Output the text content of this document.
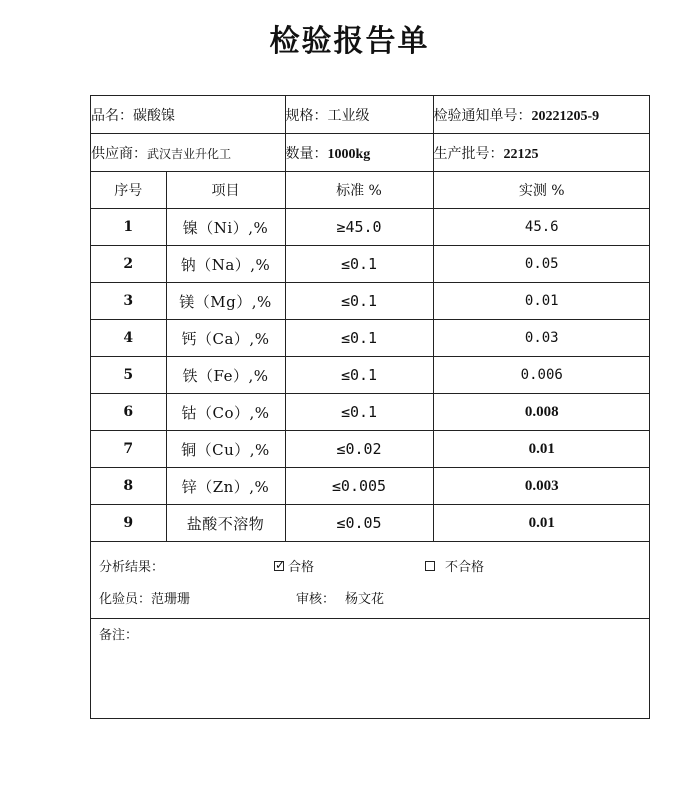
检验报告单
品名：碳酸镍		规格：工业级	检验通知单号：20221205-9
供应商：武汉吉业升化工		数量：1000kg	生产批号：22125
序号	项目	标准 %	实测 %
1	镍（Ni）,%	≥45.0	45.6
2	钠（Na）,%	≤0.1	0.05
3	镁（Mg）,%	≤0.1	0.01
4	钙（Ca）,%	≤0.1	0.03
5	铁（Fe）,%	≤0.1	0.006
6	钴（Co）,%	≤0.1	0.008
7	铜（Cu）,%	≤0.02	0.01
8	锌（Zn）,%	≤0.005	0.003
9	盐酸不溶物	≤0.05	0.01
分析结果：	✓ 合格	不合格
化验员：范珊珊	审核： 杨文花
备注：
